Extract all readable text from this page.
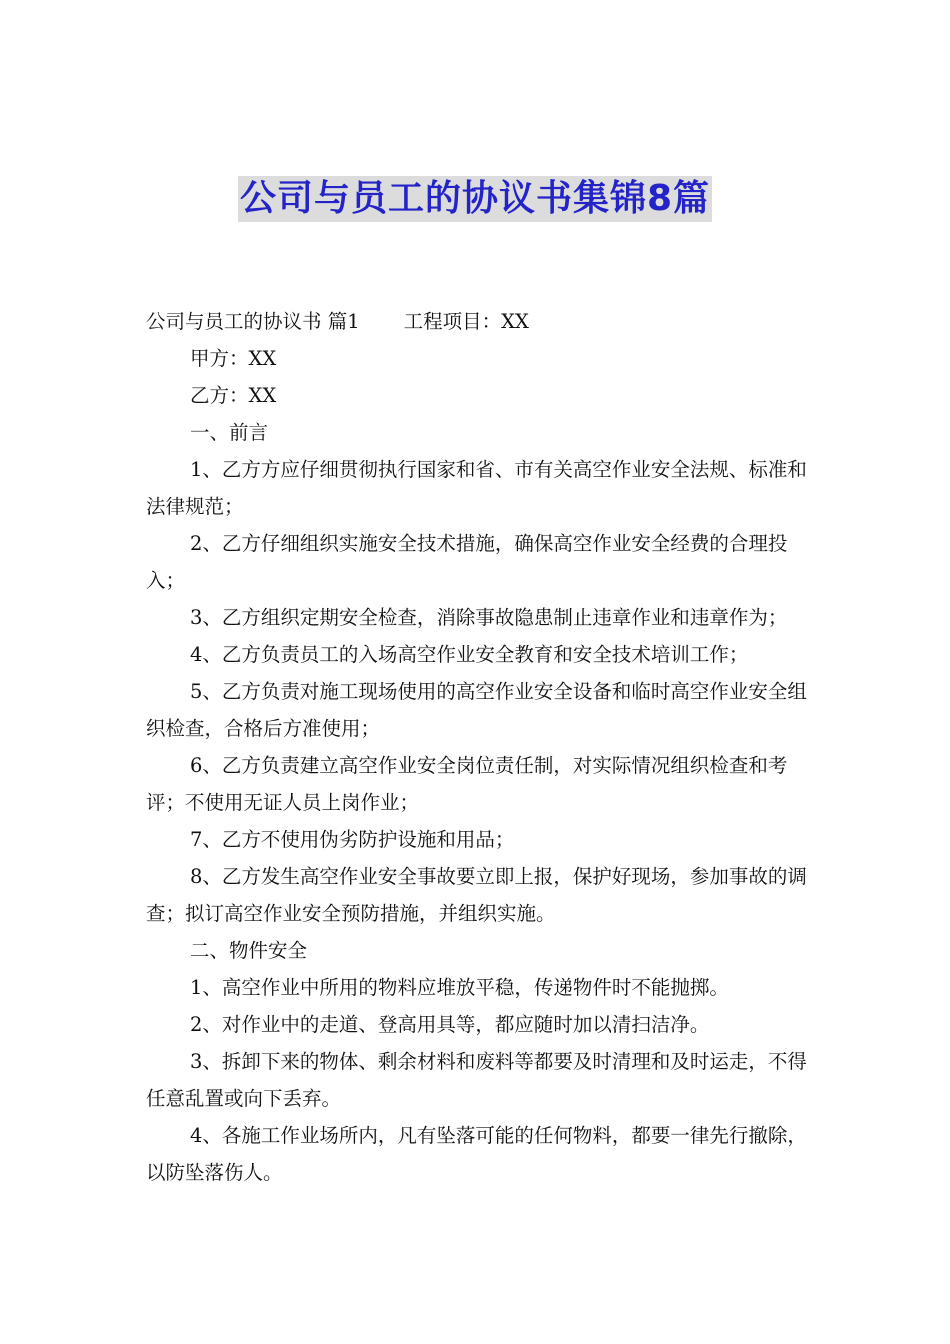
公司与员工的协议书集锦8篇

公司与员工的协议书 篇1 工程项目：XX

甲方：XX

乙方：XX

一、前言

1、乙方方应仔细贯彻执行国家和省、市有关高空作业安全法规、标准和法律规范；

2、乙方仔细组织实施安全技术措施，确保高空作业安全经费的合理投入；

3、乙方组织定期安全检查，消除事故隐患制止违章作业和违章作为；

4、乙方负责员工的入场高空作业安全教育和安全技术培训工作；

5、乙方负责对施工现场使用的高空作业安全设备和临时高空作业安全组织检查，合格后方准使用；

6、乙方负责建立高空作业安全岗位责任制，对实际情况组织检查和考评；不使用无证人员上岗作业；

7、乙方不使用伪劣防护设施和用品；

8、乙方发生高空作业安全事故要立即上报，保护好现场，参加事故的调查；拟订高空作业安全预防措施，并组织实施。

二、物件安全

1、高空作业中所用的物料应堆放平稳，传递物件时不能抛掷。

2、对作业中的走道、登高用具等，都应随时加以清扫洁净。

3、拆卸下来的物体、剩余材料和废料等都要及时清理和及时运走，不得任意乱置或向下丢弃。

4、各施工作业场所内，凡有坠落可能的任何物料，都要一律先行撤除，以防坠落伤人。
